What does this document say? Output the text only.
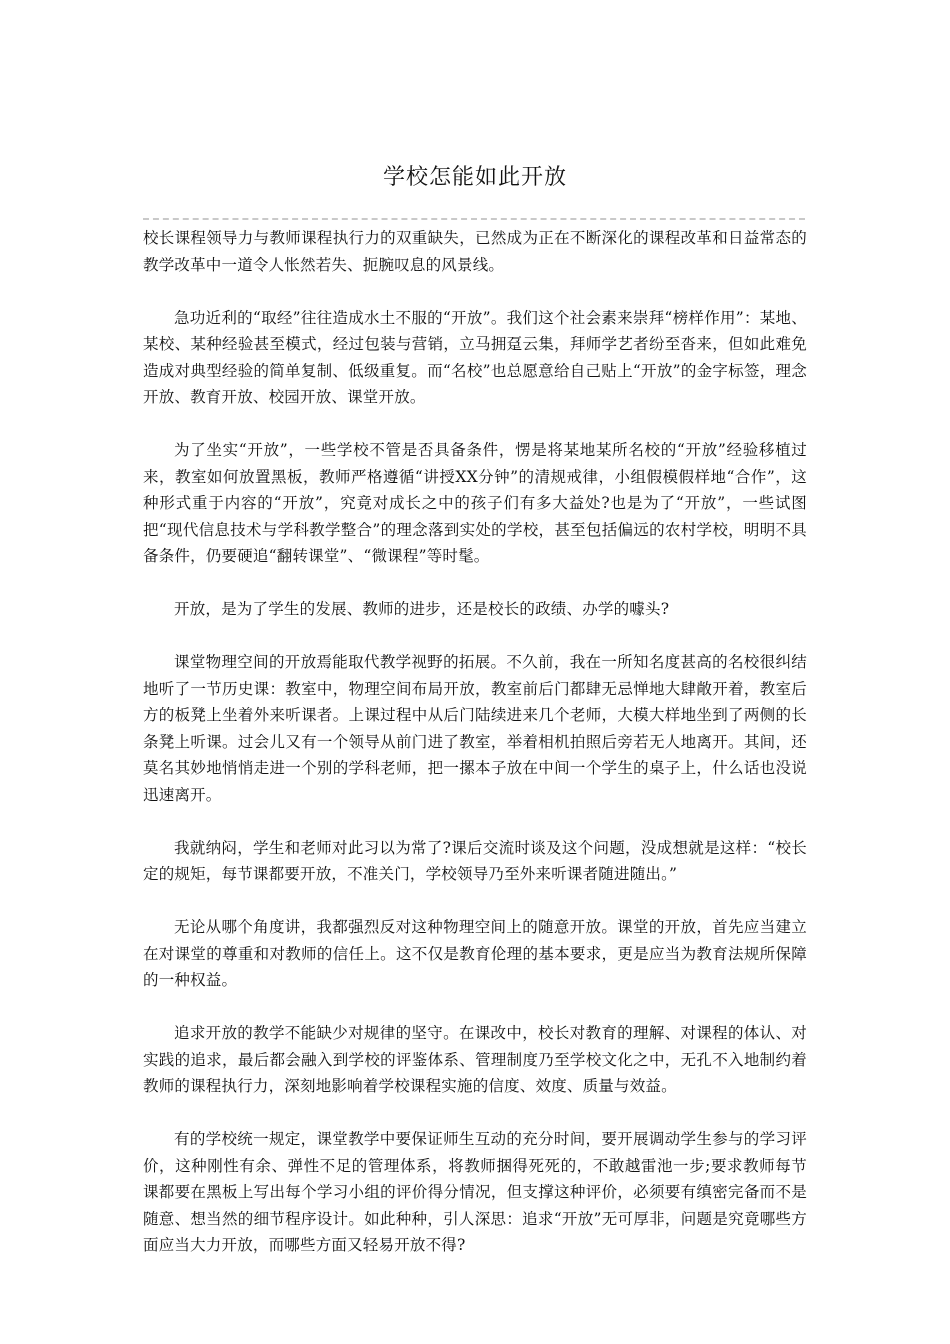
学校怎能如此开放

校长课程领导力与教师课程执行力的双重缺失，已然成为正在不断深化的课程改革和日益常态的教学改革中一道令人怅然若失、扼腕叹息的风景线。

急功近利的“取经”往往造成水土不服的“开放”。我们这个社会素来崇拜“榜样作用”：某地、某校、某种经验甚至模式，经过包装与营销，立马拥趸云集，拜师学艺者纷至沓来，但如此难免造成对典型经验的简单复制、低级重复。而“名校”也总愿意给自己贴上“开放”的金字标签，理念开放、教育开放、校园开放、课堂开放。

为了坐实“开放”，一些学校不管是否具备条件，愣是将某地某所名校的“开放”经验移植过来，教室如何放置黑板，教师严格遵循“讲授XX分钟”的清规戒律，小组假模假样地“合作”，这种形式重于内容的“开放”，究竟对成长之中的孩子们有多大益处?也是为了“开放”，一些试图把“现代信息技术与学科教学整合”的理念落到实处的学校，甚至包括偏远的农村学校，明明不具备条件，仍要硬追“翻转课堂”、“微课程”等时髦。

开放，是为了学生的发展、教师的进步，还是校长的政绩、办学的噱头?

课堂物理空间的开放焉能取代教学视野的拓展。不久前，我在一所知名度甚高的名校很纠结地听了一节历史课：教室中，物理空间布局开放，教室前后门都肆无忌惮地大肆敞开着，教室后方的板凳上坐着外来听课者。上课过程中从后门陆续进来几个老师，大模大样地坐到了两侧的长条凳上听课。过会儿又有一个领导从前门进了教室，举着相机拍照后旁若无人地离开。其间，还莫名其妙地悄悄走进一个别的学科老师，把一摞本子放在中间一个学生的桌子上，什么话也没说迅速离开。

我就纳闷，学生和老师对此习以为常了?课后交流时谈及这个问题，没成想就是这样：“校长定的规矩，每节课都要开放，不准关门，学校领导乃至外来听课者随进随出。”

无论从哪个角度讲，我都强烈反对这种物理空间上的随意开放。课堂的开放，首先应当建立在对课堂的尊重和对教师的信任上。这不仅是教育伦理的基本要求，更是应当为教育法规所保障的一种权益。

追求开放的教学不能缺少对规律的坚守。在课改中，校长对教育的理解、对课程的体认、对实践的追求，最后都会融入到学校的评鉴体系、管理制度乃至学校文化之中，无孔不入地制约着教师的课程执行力，深刻地影响着学校课程实施的信度、效度、质量与效益。

有的学校统一规定，课堂教学中要保证师生互动的充分时间，要开展调动学生参与的学习评价，这种刚性有余、弹性不足的管理体系，将教师捆得死死的，不敢越雷池一步;要求教师每节课都要在黑板上写出每个学习小组的评价得分情况，但支撑这种评价，必须要有缜密完备而不是随意、想当然的细节程序设计。如此种种，引人深思：追求“开放”无可厚非，问题是究竟哪些方面应当大力开放，而哪些方面又轻易开放不得?
